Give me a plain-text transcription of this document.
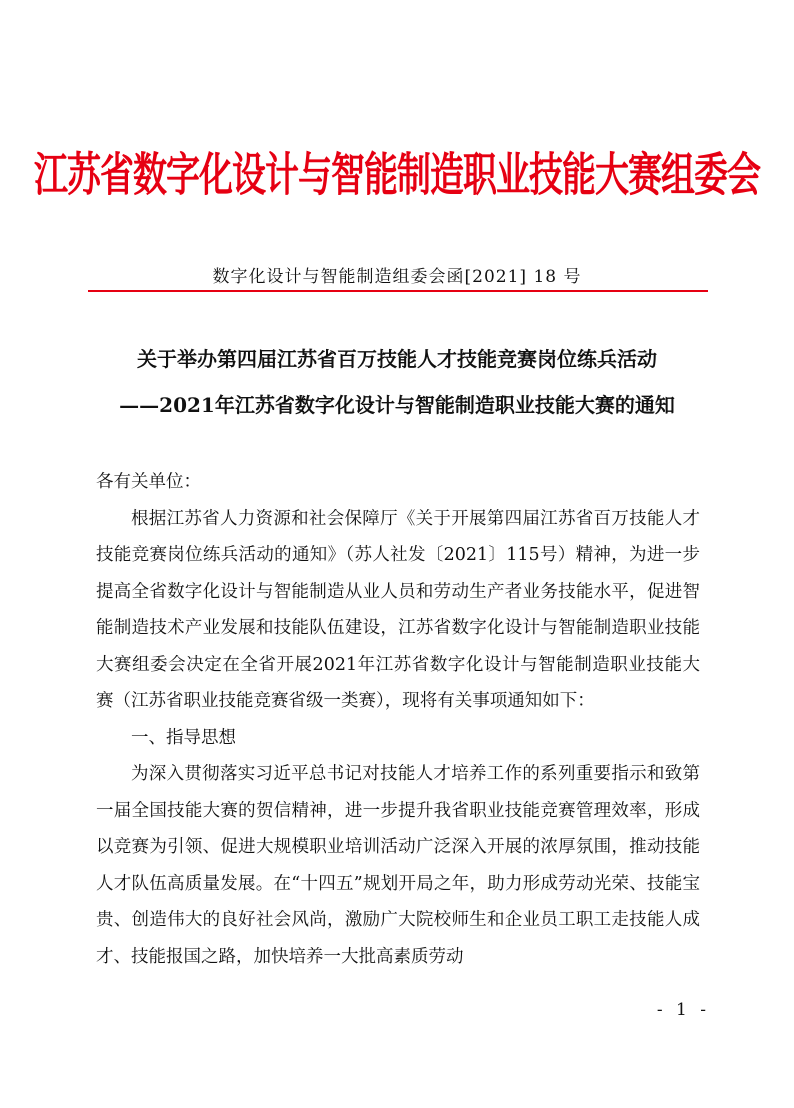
江苏省数字化设计与智能制造职业技能大赛组委会
数字化设计与智能制造组委会函[2021] 18 号
关于举办第四届江苏省百万技能人才技能竞赛岗位练兵活动
——2021年江苏省数字化设计与智能制造职业技能大赛的通知

各有关单位：

根据江苏省人力资源和社会保障厅《关于开展第四届江苏省百万技能人才技能竞赛岗位练兵活动的通知》（苏人社发〔2021〕115号）精神，为进一步提高全省数字化设计与智能制造从业人员和劳动生产者业务技能水平，促进智能制造技术产业发展和技能队伍建设，江苏省数字化设计与智能制造职业技能大赛组委会决定在全省开展2021年江苏省数字化设计与智能制造职业技能大赛（江苏省职业技能竞赛省级一类赛），现将有关事项通知如下：

一、指导思想

为深入贯彻落实习近平总书记对技能人才培养工作的系列重要指示和致第一届全国技能大赛的贺信精神，进一步提升我省职业技能竞赛管理效率，形成以竞赛为引领、促进大规模职业培训活动广泛深入开展的浓厚氛围，推动技能人才队伍高质量发展。在“十四五”规划开局之年，助力形成劳动光荣、技能宝贵、创造伟大的良好社会风尚，激励广大院校师生和企业员工职工走技能人成才、技能报国之路，加快培养一大批高素质劳动

- 1 -
